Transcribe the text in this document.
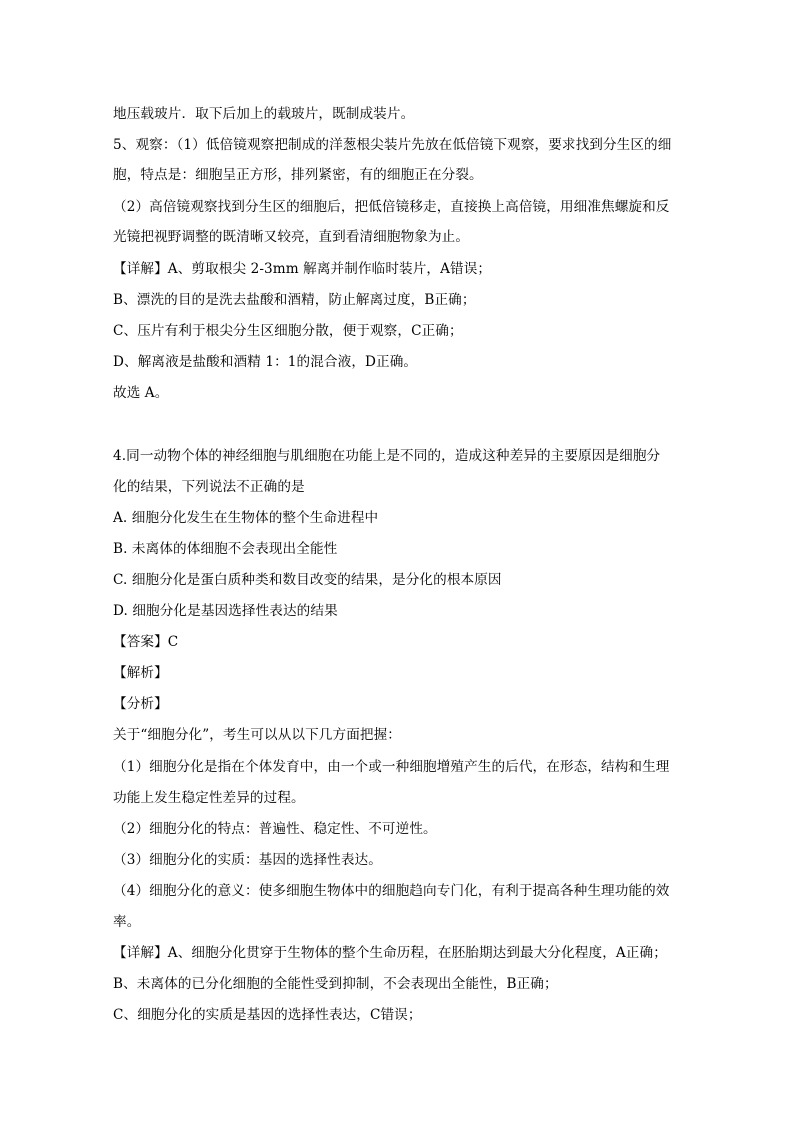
地压载玻片．取下后加上的载玻片，既制成装片。
5、观察：（1）低倍镜观察把制成的洋葱根尖装片先放在低倍镜下观察，要求找到分生区的细
胞，特点是：细胞呈正方形，排列紧密，有的细胞正在分裂。
（2）高倍镜观察找到分生区的细胞后，把低倍镜移走，直接换上高倍镜，用细准焦螺旋和反
光镜把视野调整的既清晰又较亮，直到看清细胞物象为止。
【详解】A、剪取根尖 2-3mm 解离并制作临时装片，A错误；
B、漂洗的目的是洗去盐酸和酒精，防止解离过度，B正确；
C、压片有利于根尖分生区细胞分散，便于观察，C正确；
D、解离液是盐酸和酒精 1：1的混合液，D正确。
故选 A。
4.同一动物个体的神经细胞与肌细胞在功能上是不同的，造成这种差异的主要原因是细胞分
化的结果，下列说法不正确的是
A. 细胞分化发生在生物体的整个生命进程中
B. 未离体的体细胞不会表现出全能性
C. 细胞分化是蛋白质种类和数目改变的结果，是分化的根本原因
D. 细胞分化是基因选择性表达的结果
【答案】C
【解析】
【分析】
关于“细胞分化”，考生可以从以下几方面把握：
（1）细胞分化是指在个体发育中，由一个或一种细胞增殖产生的后代，在形态，结构和生理
功能上发生稳定性差异的过程。
（2）细胞分化的特点：普遍性、稳定性、不可逆性。
（3）细胞分化的实质：基因的选择性表达。
（4）细胞分化的意义：使多细胞生物体中的细胞趋向专门化，有利于提高各种生理功能的效
率。
【详解】A、细胞分化贯穿于生物体的整个生命历程，在胚胎期达到最大分化程度，A正确；
B、未离体的已分化细胞的全能性受到抑制，不会表现出全能性，B正确；
C、细胞分化的实质是基因的选择性表达，C错误；
